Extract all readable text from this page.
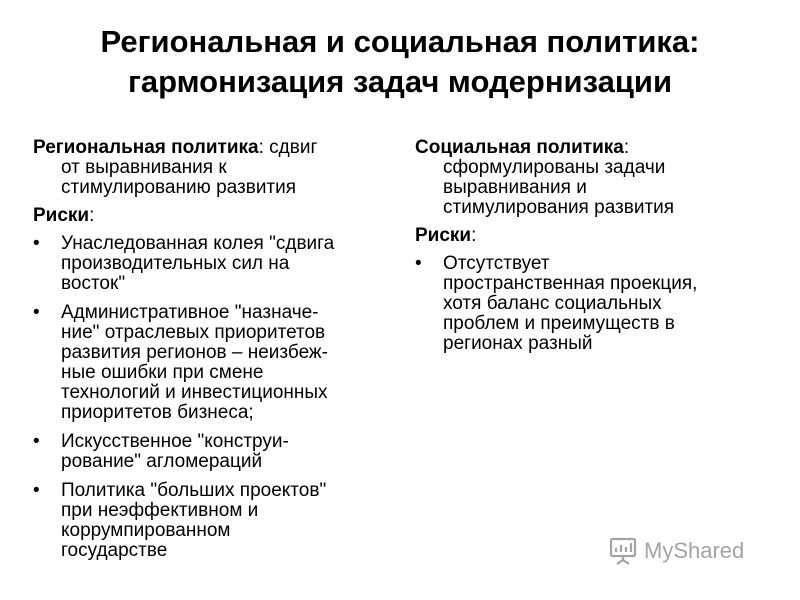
Региональная и социальная политика:
гармонизация задач модернизации

Региональная политика: сдвиг

от выравнивания к
стимулированию развития

Риски:

• Унаследованная колея "сдвига
производительных сил на
восток"
• Административное "назначе-
ние" отраслевых приоритетов
развития регионов – неизбеж-
ные ошибки при смене
технологий и инвестиционных
приоритетов бизнеса;
• Искусственное "конструи-
рование" агломераций
• Политика "больших проектов"
при неэффективном и
коррумпированном
государстве

Социальная политика:

сформулированы задачи
выравнивания и
стимулирования развития

Риски:

• Отсутствует
пространственная проекция,
хотя баланс социальных
проблем и преимуществ в
регионах разный
MyShared
